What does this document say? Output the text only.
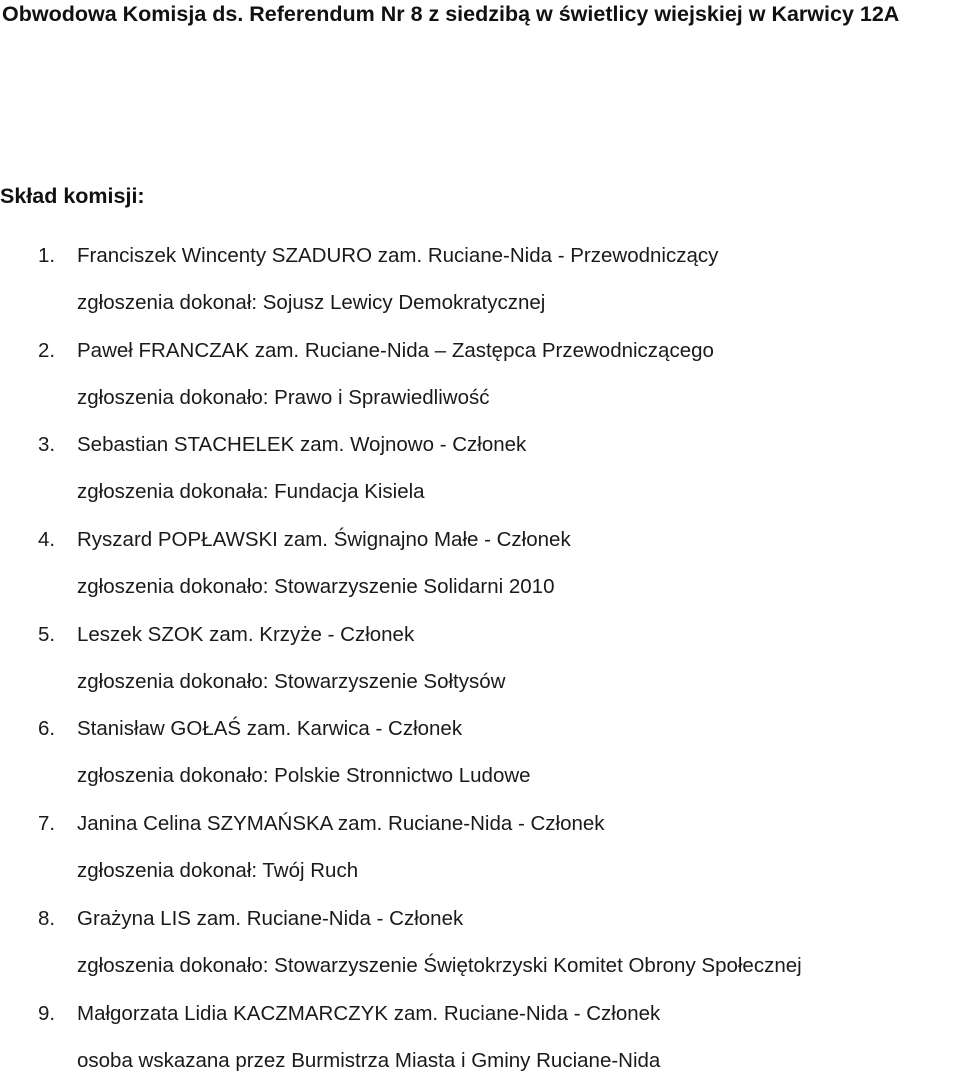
Obwodowa Komisja ds. Referendum Nr 8 z siedzibą w świetlicy wiejskiej w Karwicy 12A
Skład komisji:
1. Franciszek Wincenty SZADURO zam. Ruciane-Nida - Przewodniczący
zgłoszenia dokonał: Sojusz Lewicy Demokratycznej
2. Paweł FRANCZAK zam. Ruciane-Nida – Zastępca Przewodniczącego
zgłoszenia dokonało: Prawo i Sprawiedliwość
3. Sebastian STACHELEK zam. Wojnowo - Członek
zgłoszenia dokonała: Fundacja Kisiela
4. Ryszard POPŁAWSKI zam. Śwignajno Małe - Członek
zgłoszenia dokonało: Stowarzyszenie Solidarni 2010
5. Leszek SZOK zam. Krzyże - Członek
zgłoszenia dokonało: Stowarzyszenie Sołtysów
6. Stanisław GOŁAŚ zam. Karwica - Członek
zgłoszenia dokonało: Polskie Stronnictwo Ludowe
7. Janina Celina SZYMAŃSKA zam. Ruciane-Nida - Członek
zgłoszenia dokonał: Twój Ruch
8. Grażyna LIS zam. Ruciane-Nida - Członek
zgłoszenia dokonało: Stowarzyszenie Świętokrzyski Komitet Obrony Społecznej
9. Małgorzata Lidia KACZMARCZYK zam. Ruciane-Nida - Członek
osoba wskazana przez Burmistrza Miasta i Gminy Ruciane-Nida
